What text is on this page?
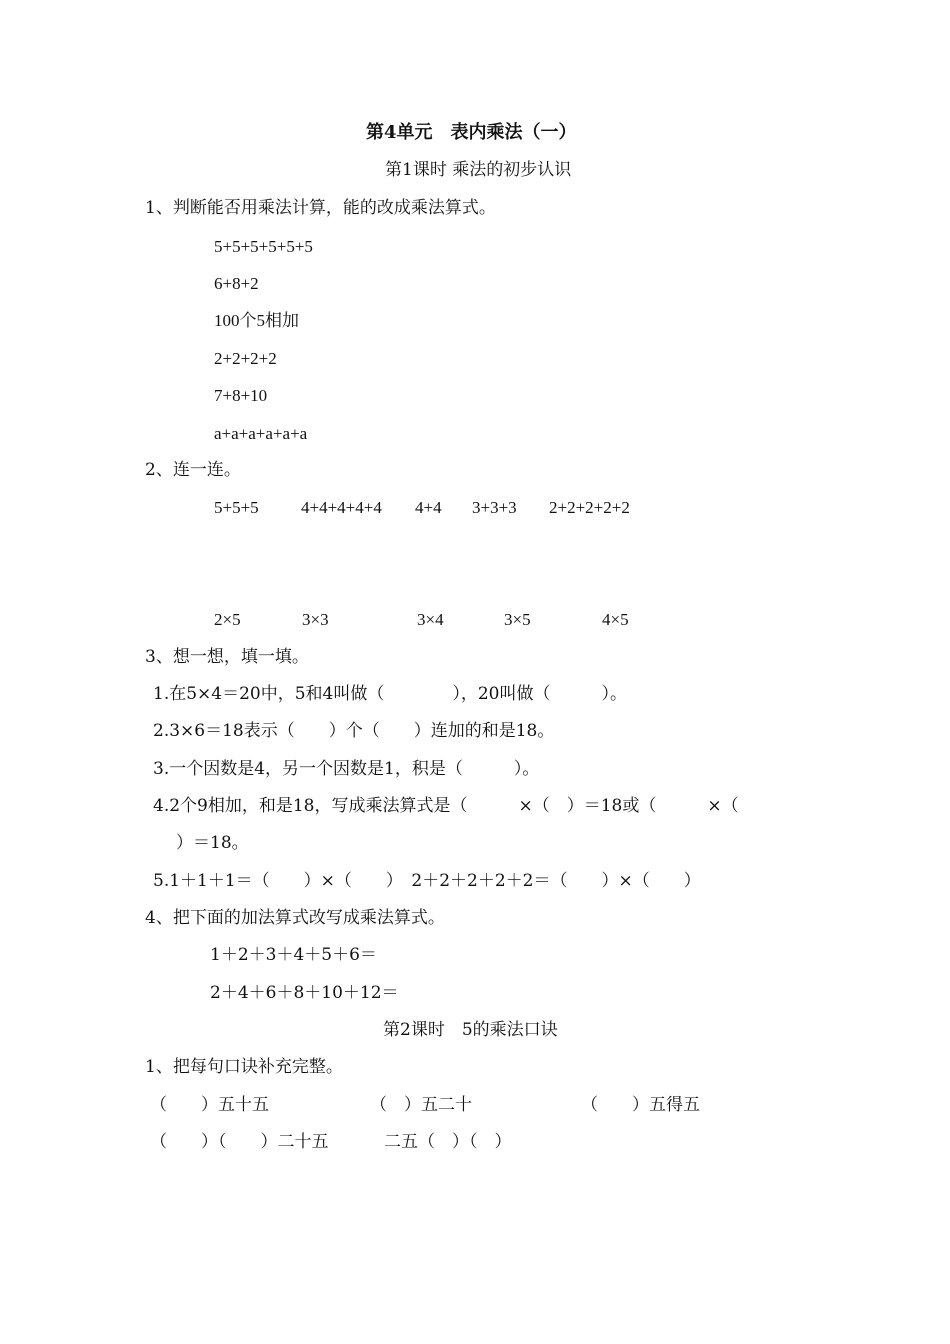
第4单元　表内乘法（一）
第1课时 乘法的初步认识
1、判断能否用乘法计算，能的改成乘法算式。
5+5+5+5+5+5
6+8+2
100个5相加
2+2+2+2
7+8+10
a+a+a+a+a+a
2、连一连。
5+5+5 4+4+4+4+4 4+4 3+3+3 2+2+2+2+2
2×5	3×3	3×4	3×5	4×5
3、想一想，填一填。
1.在5×4＝20中，5和4叫做（　　　　），20叫做（　　　）。
2.3×6＝18表示（　　）个（　　）连加的和是18。
3.一个因数是4，另一个因数是1，积是（　　　）。
4.2个9相加，和是18，写成乘法算式是（　　　×（　）＝18或（　　　×（
）＝18。
5.1＋1＋1＝（　　）×（　　）　2＋2＋2＋2＋2＝（　　）×（　　）
4、把下面的加法算式改写成乘法算式。
1＋2＋3＋4＋5＋6＝
2＋4＋6＋8＋10＋12＝
第2课时　5的乘法口诀
1、把每句口诀补充完整。
（　　）五十五	（　）五二十	（　　）五得五
（　　）（　　）二十五	二五（　）（　）
